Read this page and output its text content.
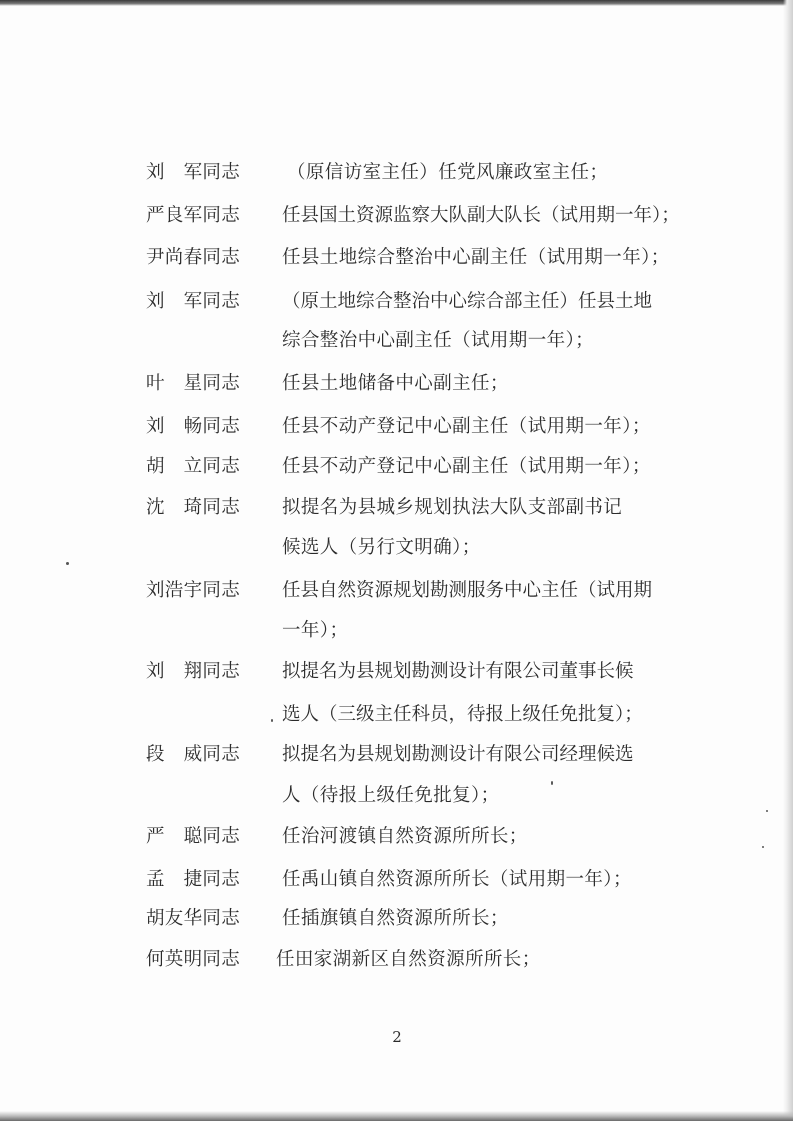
刘　军同志	（原信访室主任）任党风廉政室主任；
严良军同志	任县国土资源监察大队副大队长（试用期一年）；
尹尚春同志	任县土地综合整治中心副主任（试用期一年）；
刘　军同志	（原土地综合整治中心综合部主任）任县土地
综合整治中心副主任（试用期一年）；
叶　星同志	任县土地储备中心副主任；
刘　畅同志	任县不动产登记中心副主任（试用期一年）；
胡　立同志	任县不动产登记中心副主任（试用期一年）；
沈　琦同志	拟提名为县城乡规划执法大队支部副书记
候选人（另行文明确）；
刘浩宇同志	任县自然资源规划勘测服务中心主任（试用期
一年）；
刘　翔同志	拟提名为县规划勘测设计有限公司董事长候
选人（三级主任科员，待报上级任免批复）；
段　威同志	拟提名为县规划勘测设计有限公司经理候选
人（待报上级任免批复）；
严　聪同志	任治河渡镇自然资源所所长；
孟　捷同志	任禹山镇自然资源所所长（试用期一年）；
胡友华同志	任插旗镇自然资源所所长；
何英明同志	任田家湖新区自然资源所所长；
2
